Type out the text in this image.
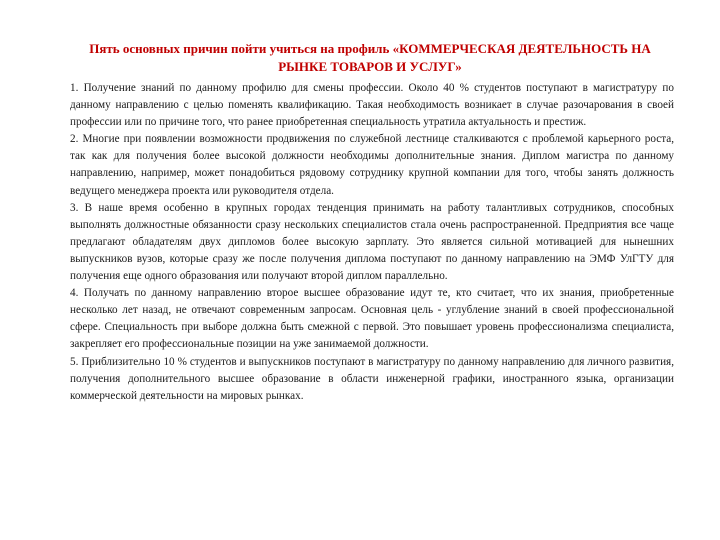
Пять основных причин пойти учиться на профиль «КОММЕРЧЕСКАЯ ДЕЯТЕЛЬНОСТЬ НА РЫНКЕ ТОВАРОВ И УСЛУГ»

1. Получение знаний по данному профилю для смены профессии. Около 40 % студентов поступают в магистратуру по данному направлению с целью поменять квалификацию. Такая необходимость возникает в случае разочарования в своей профессии или по причине того, что ранее приобретенная специальность утратила актуальность и престиж.

2. Многие при появлении возможности продвижения по служебной лестнице сталкиваются с проблемой карьерного роста, так как для получения более высокой должности необходимы дополнительные знания. Диплом магистра по данному направлению, например, может понадобиться рядовому сотруднику крупной компании для того, чтобы занять должность ведущего менеджера проекта или руководителя отдела.

3. В наше время особенно в крупных городах тенденция принимать на работу талантливых сотрудников, способных выполнять должностные обязанности сразу нескольких специалистов стала очень распространенной. Предприятия все чаще предлагают обладателям двух дипломов более высокую зарплату. Это является сильной мотивацией для нынешних выпускников вузов, которые сразу же после получения диплома поступают по данному направлению на ЭМФ УлГТУ для получения еще одного образования или получают второй диплом параллельно.

4. Получать по данному направлению второе высшее образование идут те, кто считает, что их знания, приобретенные несколько лет назад, не отвечают современным запросам. Основная цель - углубление знаний в своей профессиональной сфере. Специальность при выборе должна быть смежной с первой. Это повышает уровень профессионализма специалиста, закрепляет его профессиональные позиции на уже занимаемой должности.

5. Приблизительно 10 % студентов и выпускников поступают в магистратуру по данному направлению для личного развития, получения дополнительного высшее образование в области инженерной графики, иностранного языка, организации коммерческой деятельности на мировых рынках.
